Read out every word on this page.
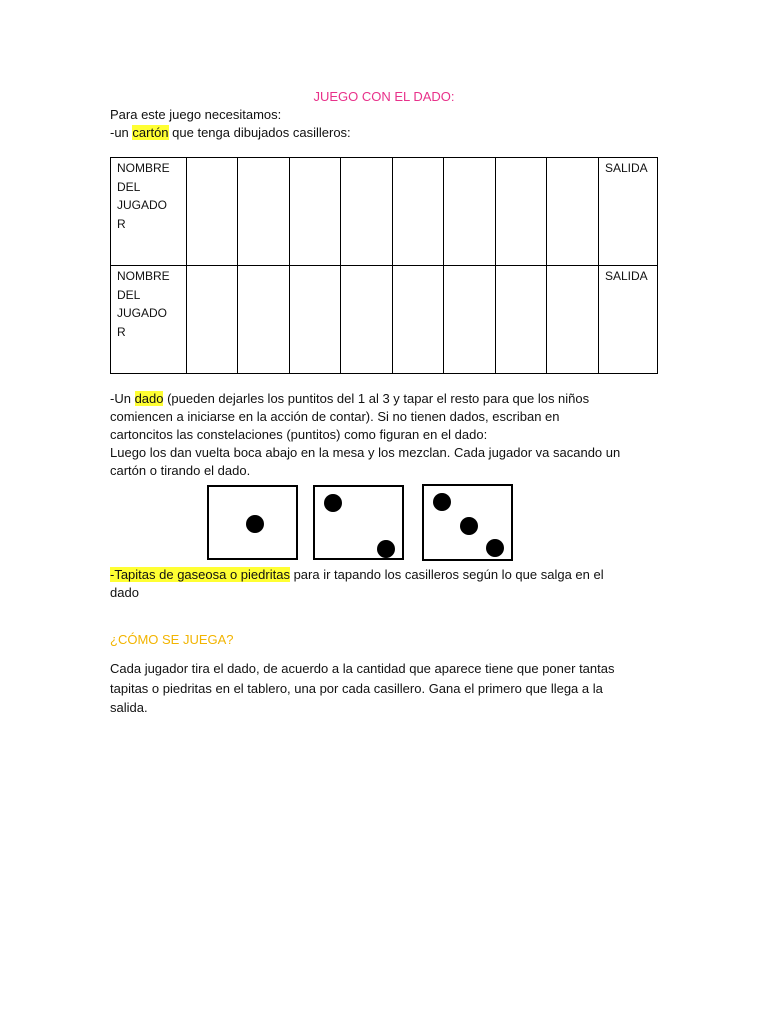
JUEGO CON EL DADO:
Para este juego necesitamos:
-un cartón que tenga dibujados casilleros:
NOMBRE
DEL
JUGADO
R									SALIDA

NOMBRE
DEL
JUGADO
R									SALIDA
-Un dado (pueden dejarles los puntitos del 1 al 3 y tapar el resto para que los niños
comiencen a iniciarse en la acción de contar). Si no tienen dados, escriban en
cartoncitos las constelaciones (puntitos) como figuran en el dado:
Luego los dan vuelta boca abajo en la mesa y los mezclan. Cada jugador va sacando un
cartón o tirando el dado.
-Tapitas de gaseosa o piedritas para ir tapando los casilleros según lo que salga en el
dado
¿CÓMO SE JUEGA?
Cada jugador tira el dado, de acuerdo a la cantidad que aparece tiene que poner tantas
tapitas o piedritas en el tablero, una por cada casillero. Gana el primero que llega a la
salida.
